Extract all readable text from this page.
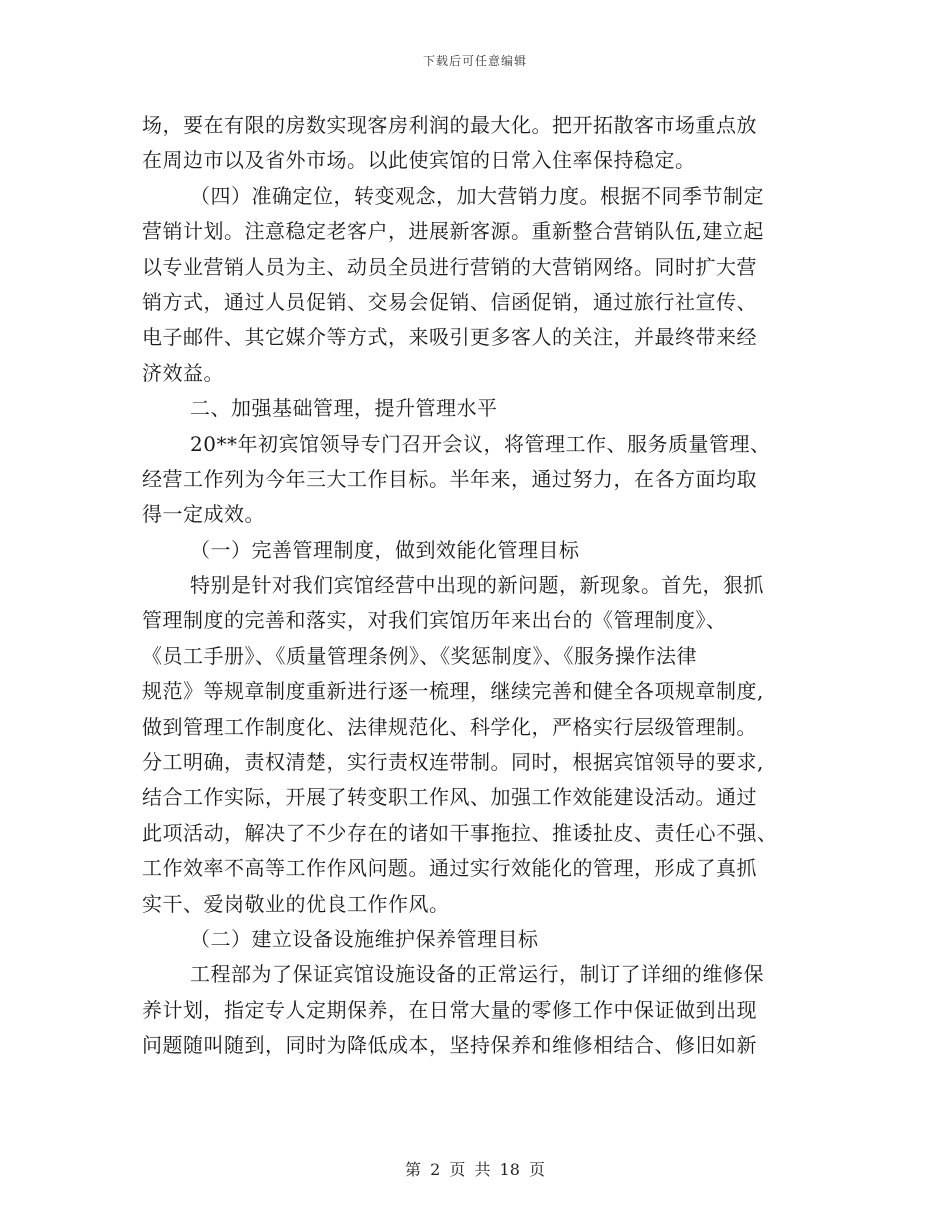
下载后可任意编辑
场，要在有限的房数实现客房利润的最大化。把开拓散客市场重点放
在周边市以及省外市场。以此使宾馆的日常入住率保持稳定。
（四）准确定位，转变观念，加大营销力度。根据不同季节制定
营销计划。注意稳定老客户，进展新客源。重新整合营销队伍,建立起
以专业营销人员为主、动员全员进行营销的大营销网络。同时扩大营
销方式，通过人员促销、交易会促销、信函促销，通过旅行社宣传、
电子邮件、其它媒介等方式，来吸引更多客人的关注，并最终带来经
济效益。
二、加强基础管理，提升管理水平
20**年初宾馆领导专门召开会议，将管理工作、服务质量管理、
经营工作列为今年三大工作目标。半年来，通过努力，在各方面均取
得一定成效。
（一）完善管理制度，做到效能化管理目标
特别是针对我们宾馆经营中出现的新问题，新现象。首先，狠抓
管理制度的完善和落实，对我们宾馆历年来出台的《管理制度》、
《员工手册》、《质量管理条例》、《奖惩制度》、《服务操作法律
规范》等规章制度重新进行逐一梳理，继续完善和健全各项规章制度,
做到管理工作制度化、法律规范化、科学化，严格实行层级管理制。
分工明确，责权清楚，实行责权连带制。同时，根据宾馆领导的要求,
结合工作实际，开展了转变职工作风、加强工作效能建设活动。通过
此项活动，解决了不少存在的诸如干事拖拉、推诿扯皮、责任心不强、
工作效率不高等工作作风问题。通过实行效能化的管理，形成了真抓
实干、爱岗敬业的优良工作作风。
（二）建立设备设施维护保养管理目标
工程部为了保证宾馆设施设备的正常运行，制订了详细的维修保
养计划，指定专人定期保养，在日常大量的零修工作中保证做到出现
问题随叫随到，同时为降低成本，坚持保养和维修相结合、修旧如新
第 2 页 共 18 页
